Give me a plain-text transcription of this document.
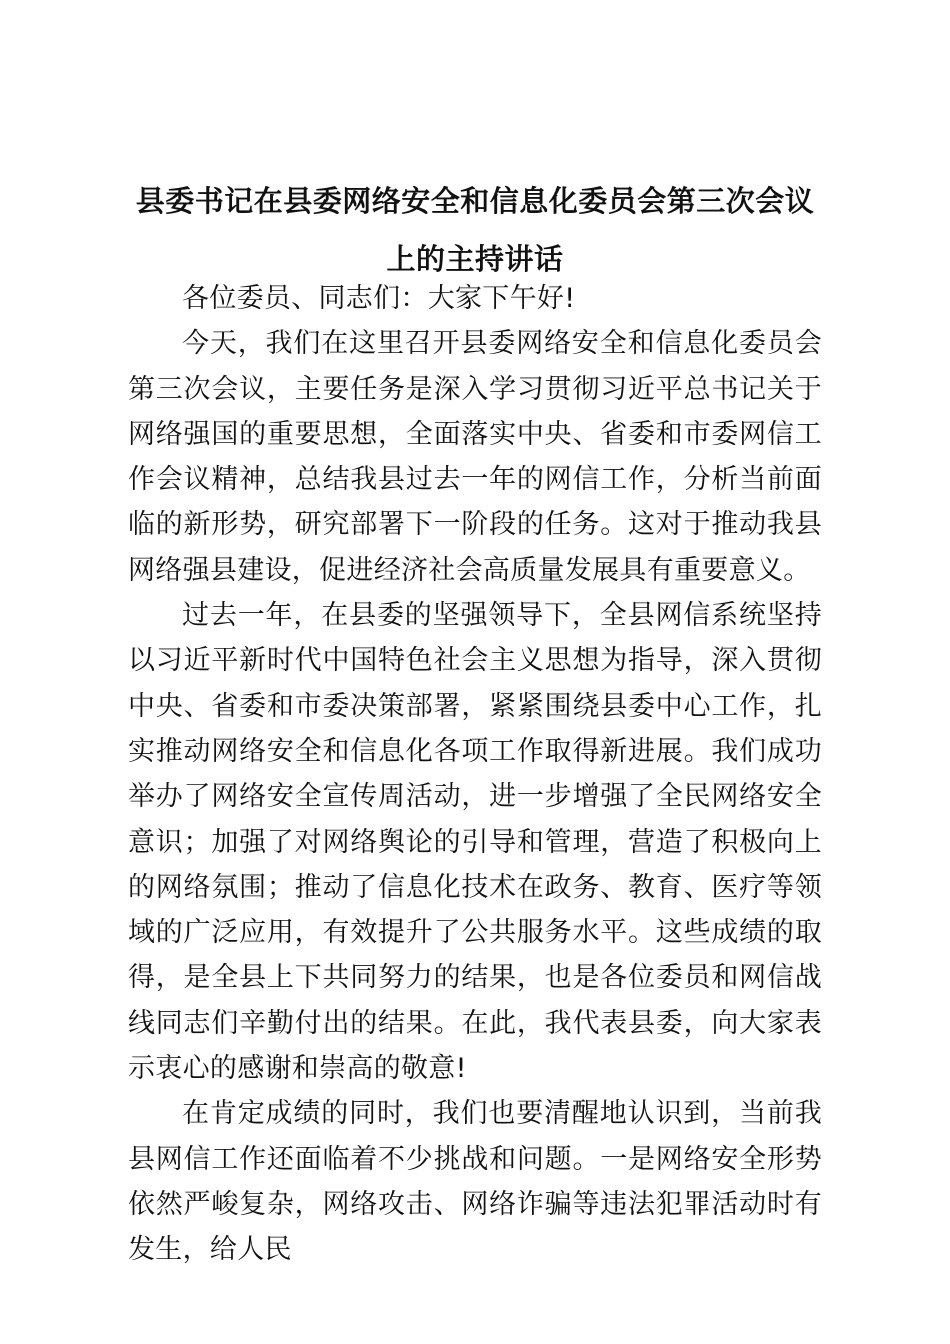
县委书记在县委网络安全和信息化委员会第三次会议上的主持讲话

各位委员、同志们：大家下午好!

今天，我们在这里召开县委网络安全和信息化委员会第三次会议，主要任务是深入学习贯彻习近平总书记关于网络强国的重要思想，全面落实中央、省委和市委网信工作会议精神，总结我县过去一年的网信工作，分析当前面临的新形势，研究部署下一阶段的任务。这对于推动我县网络强县建设，促进经济社会高质量发展具有重要意义。

过去一年，在县委的坚强领导下，全县网信系统坚持以习近平新时代中国特色社会主义思想为指导，深入贯彻中央、省委和市委决策部署，紧紧围绕县委中心工作，扎实推动网络安全和信息化各项工作取得新进展。我们成功举办了网络安全宣传周活动，进一步增强了全民网络安全意识；加强了对网络舆论的引导和管理，营造了积极向上的网络氛围；推动了信息化技术在政务、教育、医疗等领域的广泛应用，有效提升了公共服务水平。这些成绩的取得，是全县上下共同努力的结果，也是各位委员和网信战线同志们辛勤付出的结果。在此，我代表县委，向大家表示衷心的感谢和崇高的敬意!

在肯定成绩的同时，我们也要清醒地认识到，当前我县网信工作还面临着不少挑战和问题。一是网络安全形势依然严峻复杂，网络攻击、网络诈骗等违法犯罪活动时有发生，给人民
